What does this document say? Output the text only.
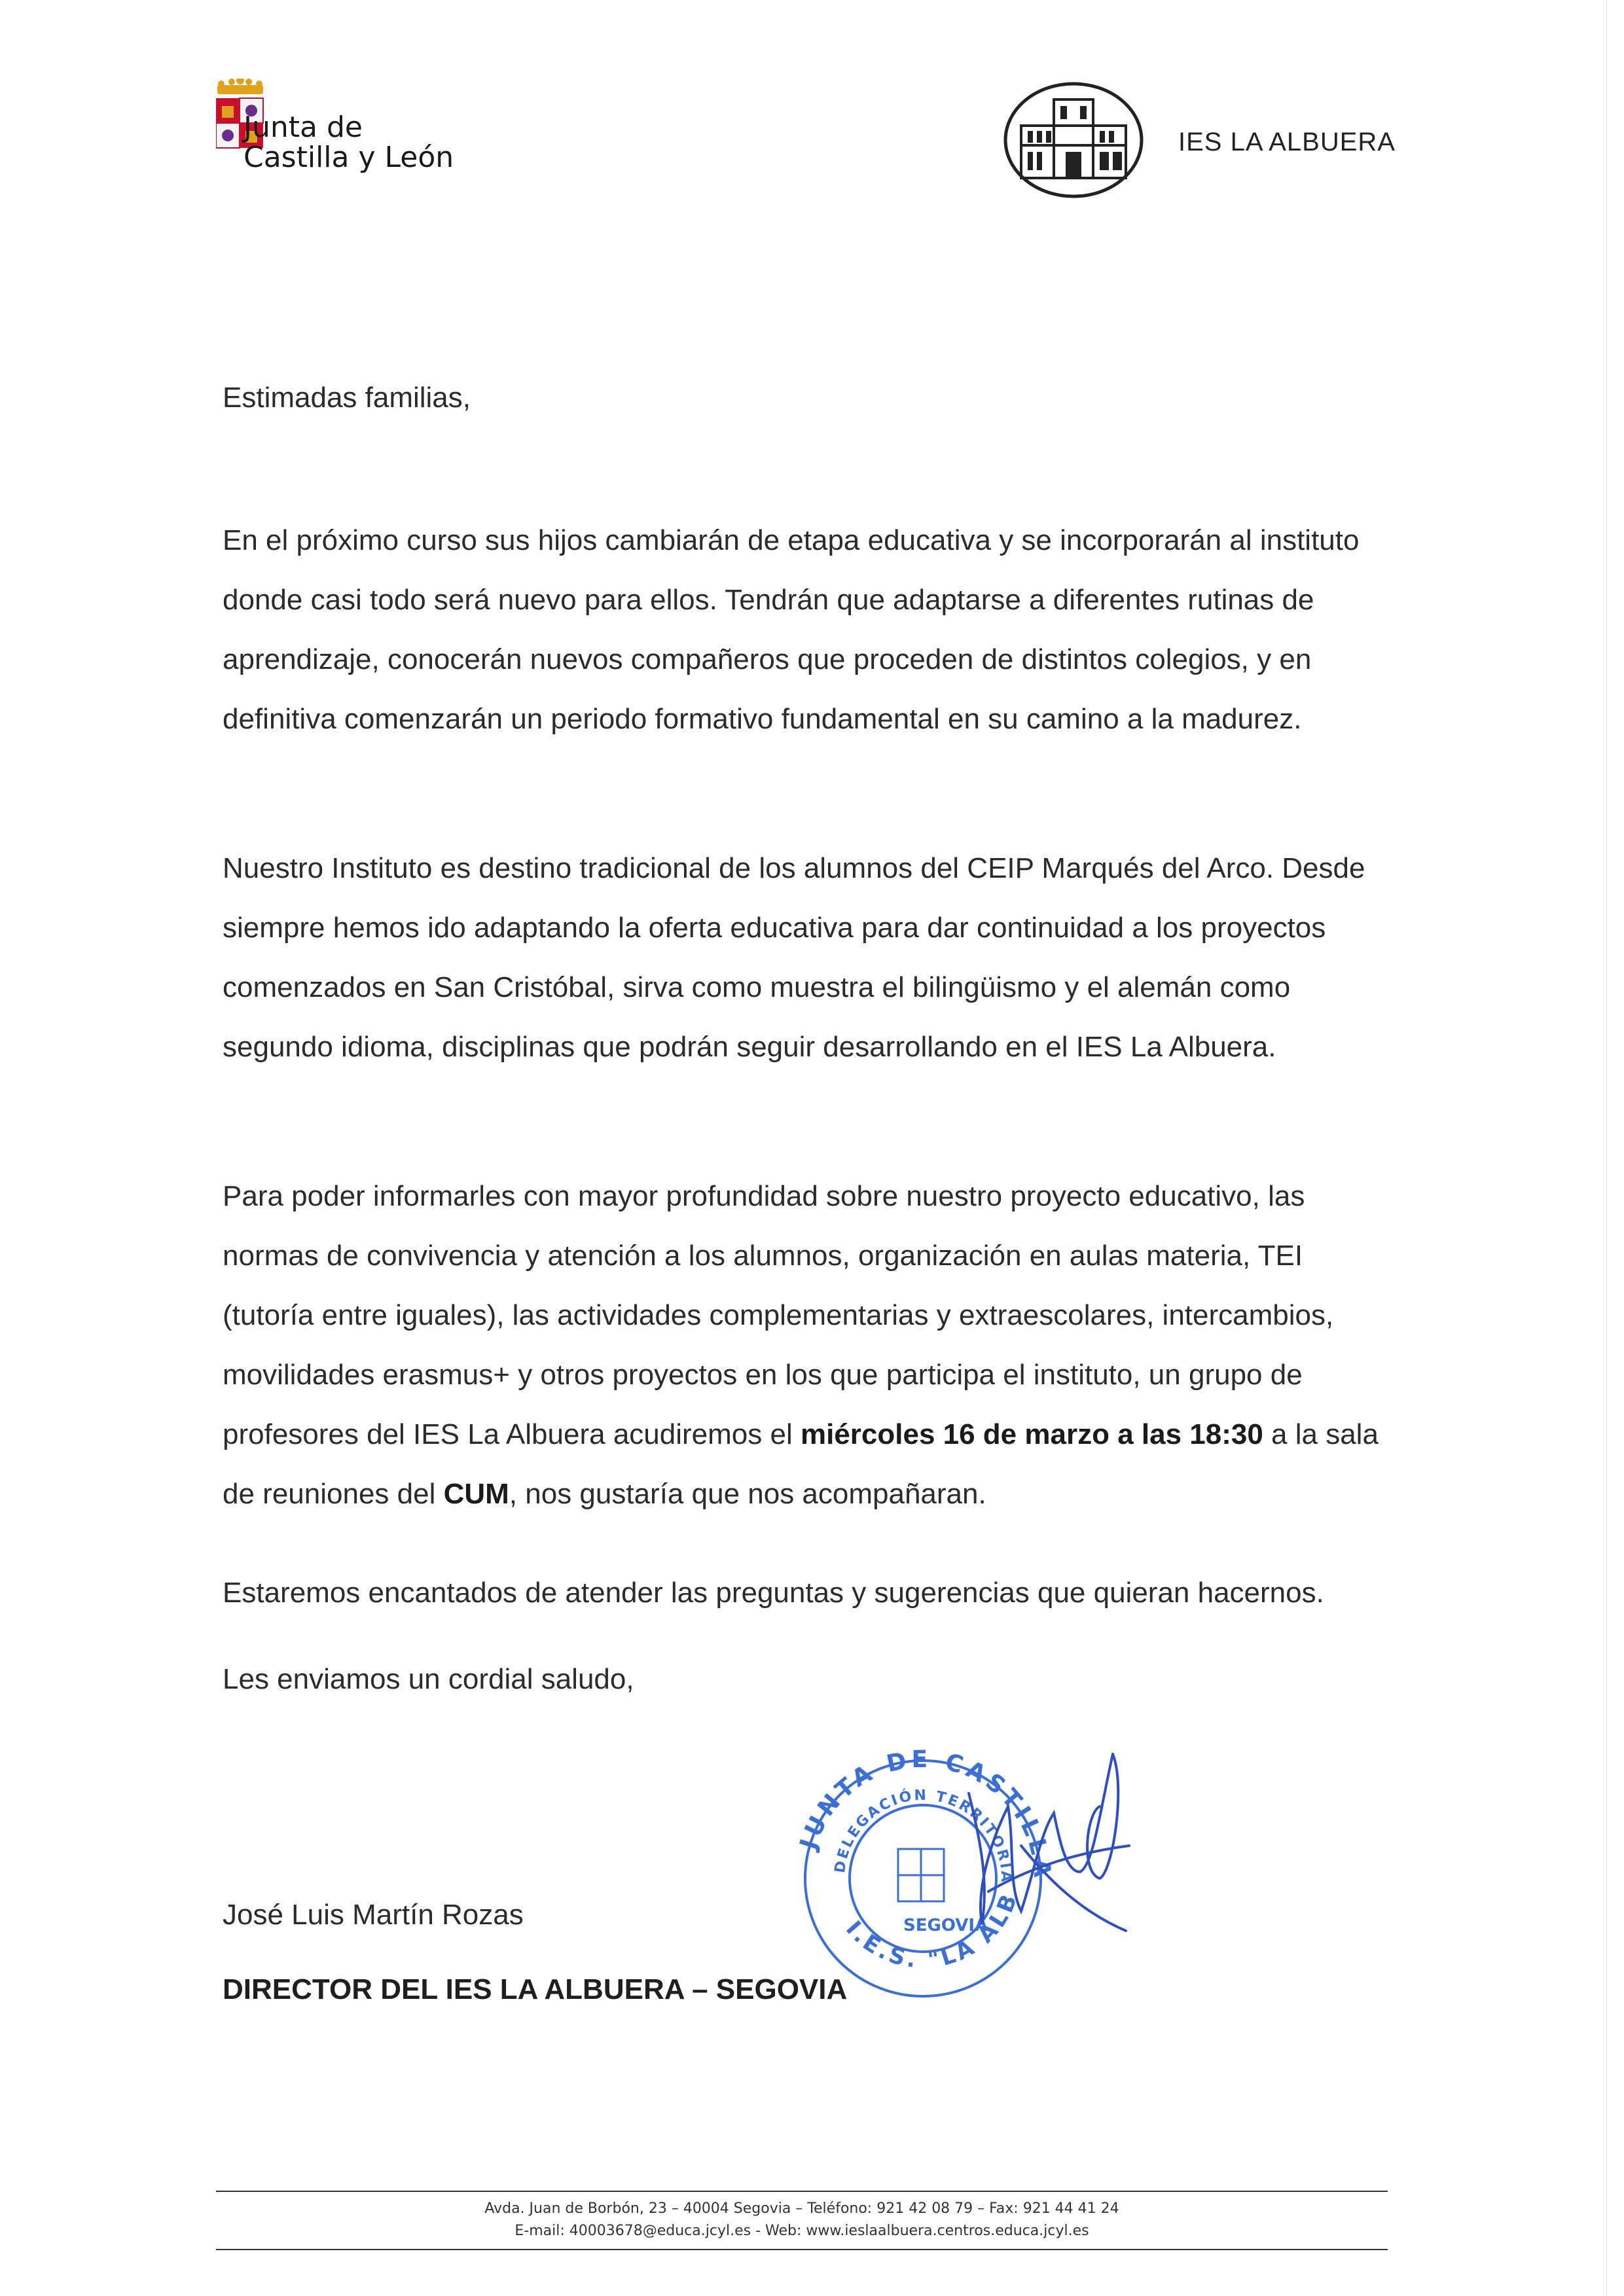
Junta de
Castilla y León	IES LA ALBUERA
Estimadas familias,
En el próximo curso sus hijos cambiarán de etapa educativa y se incorporarán al instituto donde casi todo será nuevo para ellos. Tendrán que adaptarse a diferentes rutinas de aprendizaje, conocerán nuevos compañeros que proceden de distintos colegios, y en definitiva comenzarán un periodo formativo fundamental en su camino a la madurez.
Nuestro Instituto es destino tradicional de los alumnos del CEIP Marqués del Arco. Desde siempre hemos ido adaptando la oferta educativa para dar continuidad a los proyectos comenzados en San Cristóbal, sirva como muestra el bilingüismo y el alemán como segundo idioma, disciplinas que podrán seguir desarrollando en el IES La Albuera.
Para poder informarles con mayor profundidad sobre nuestro proyecto educativo, las normas de convivencia y atención a los alumnos, organización en aulas materia, TEI (tutoría entre iguales), las actividades complementarias y extraescolares, intercambios, movilidades erasmus+ y otros proyectos en los que participa el instituto, un grupo de profesores del IES La Albuera acudiremos el miércoles 16 de marzo a las 18:30 a la sala de reuniones del CUM, nos gustaría que nos acompañaran.
Estaremos encantados de atender las preguntas y sugerencias que quieran hacernos.
Les enviamos un cordial saludo,
José Luis Martín Rozas
DIRECTOR DEL IES LA ALBUERA – SEGOVIA
JUNTA DE CASTILLA
DELEGACIÓN TERRITORIA
I.E.S. "LA ALB
SEGOVIA
Avda. Juan de Borbón, 23 – 40004 Segovia – Teléfono: 921 42 08 79 – Fax: 921 44 41 24
E-mail: 40003678@educa.jcyl.es - Web: www.ieslaalbuera.centros.educa.jcyl.es
